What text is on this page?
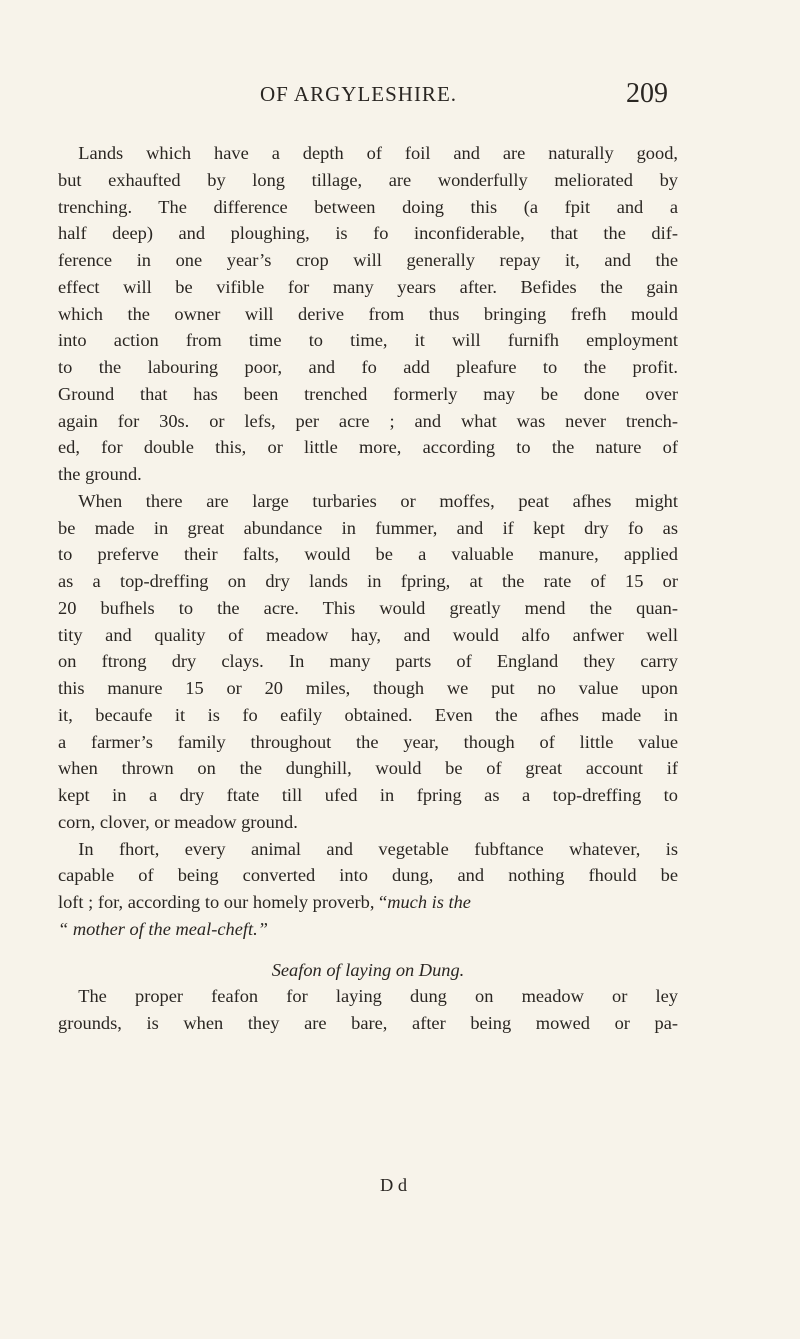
OF ARGYLESHIRE.	209
Lands which have a depth of foil and are naturally good,
but exhaufted by long tillage, are wonderfully meliorated by
trenching. The difference between doing this (a fpit and a
half deep) and ploughing, is fo inconfiderable, that the dif-
ference in one year’s crop will generally repay it, and the
effect will be vifible for many years after. Befides the gain
which the owner will derive from thus bringing frefh mould
into action from time to time, it will furnifh employment
to the labouring poor, and fo add pleafure to the profit.
Ground that has been trenched formerly may be done over
again for 30s. or lefs, per acre ; and what was never trench-
ed, for double this, or little more, according to the nature of
the ground.
When there are large turbaries or moffes, peat afhes might
be made in great abundance in fummer, and if kept dry fo as
to preferve their falts, would be a valuable manure, applied
as a top-dreffing on dry lands in fpring, at the rate of 15 or
20 bufhels to the acre. This would greatly mend the quan-
tity and quality of meadow hay, and would alfo anfwer well
on ftrong dry clays. In many parts of England they carry
this manure 15 or 20 miles, though we put no value upon
it, becaufe it is fo eafily obtained. Even the afhes made in
a farmer’s family throughout the year, though of little value
when thrown on the dunghill, would be of great account if
kept in a dry ftate till ufed in fpring as a top-dreffing to
corn, clover, or meadow ground.
In fhort, every animal and vegetable fubftance whatever, is
capable of being converted into dung, and nothing fhould be
loft ; for, according to our homely proverb, “much is the
“ mother of the meal-cheft.”
Seafon of laying on Dung.
The proper feafon for laying dung on meadow or ley
grounds, is when they are bare, after being mowed or pa-
D d
